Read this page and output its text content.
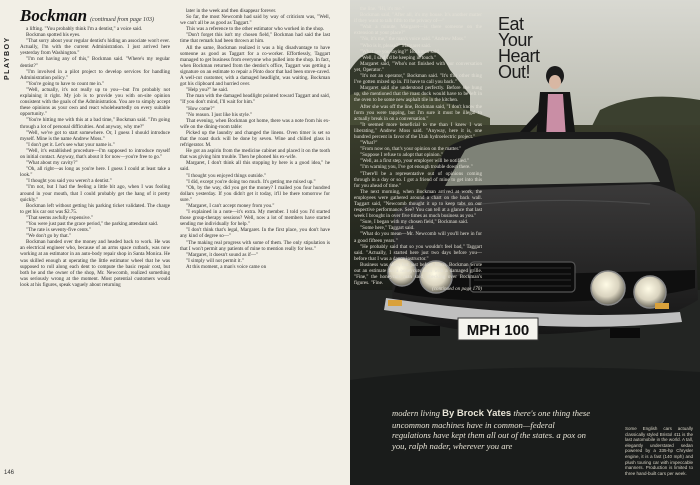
PLAYBOY
Bockman (continued from page 103)

a lifting. "You probably think I'm a dentist," a voice said.

Bockman spotted his eyes.

"That sorry about your regular dentist's hiding an associate won't ever. Actually, I'm with the current Administration. I just arrived here yesterday from Washington."

"I'm not having any of this," Bockman said. "Where's my regular dentist?"

"I'm involved in a pilot project to develop services for handling Administration policy."

"You're going to have to count me in."

"Well, actually, it's not really up to you—but I'm probably not explaining it right. My job is to provide you with on-site opinion consistent with the goals of the Administration. You are to simply accept these opinions as your own and react wholeheartedly on every suitable opportunity."

"You're hitting me with this at a bad time," Bockman said. "I'm going through a lot of personal difficulties. And anyway, why me?"

"Well, we've got to start somewhere. Or, I guess I should introduce myself. Mine is the name Andrew Moss."

"I don't get it. Let's see what your name is."

"Well, it's established procedure—I'm supposed to introduce myself on initial contact. Anyway, that's about it for now—you're free to go."

"What about my cavity?"

"Oh, all right—as long as you're here. I guess I could at least take a look."

"I thought you said you weren't a dentist."

"I'm not, but I had the feeling a little bit ago, when I was fooling around in your mouth, that I could probably get the hang of it pretty quickly."

Bockman left without getting his parking ticket validated. The charge to get his car out was $2.75.

"That seems awfully expensive."

"You were just past the grace period," the parking attendant said.

"The rate is seventy-five cents."

"We don't go by that."

Bockman handed over the money and headed back to work. He was an electrical engineer who, because of an arms space cutback, was now working at an estimator in an auto-body repair shop in Santa Monica. He was skilled enough at operating the little estimator wheel that he was supposed to roll along each dent to compute the basic repair cost, but both he and the owner of the shop, Mr. Newcomb, realized something was seriously wrong at the moment. Most potential customers would look at his figures, speak vaguely about returning

later in the week and then disappear forever.

So far, the most Newcomb had said by way of criticism was, "Well, we can't all be as good as Taggart."

This was a reference to the other estimator who worked in the shop.

"Don't forget this isn't my chosen field," Bockman had said the last time that remark had been thrown at him.

All the same, Bockman realized it was a big disadvantage to have someone as good as Taggart for a co-worker. Effortlessly, Taggart managed to get business from everyone who pulled into the shop. In fact, when Bockman returned from the dentist's office, Taggart was getting a signature on an estimate to repair a Pinto door that had been stove-caved. A well-cut customer, with a damaged headlight, was waiting. Bockman got his clipboard and hurried over.

"Help you?" he said.

The man with the damaged headlight pointed toward Taggart and said, "If you don't mind, I'll wait for him."

"How come?"

"No reason. I just like his style."

That evening, when Bockman got home, there was a note from his ex-wife on the dining-room table:

Picked up the laundry and changed the linens. Oven timer is set so that the roast duck will be done by seven. Wine and chilled glass in refrigerator. M.

He got an aspirin from the medicine cabinet and placed it on the tooth that was giving him trouble. Then he phoned his ex-wife.

Margaret, I don't think all this stopping by here is a good idea," he said.

"I thought you enjoyed things outside."

"I did, except you're doing too much. It's getting me mixed up."

"Oh, by the way, did you get the money? I mailed you four hundred dollars yesterday. If you didn't get it today, it'll be there tomorrow for sure."

"Margaret, I can't accept money from you."

"I explained in a note—it's extra. My member. I told you I'd started those group-therapy sessions? Well, now a lot of members have started sending me individually for help."

"I don't think that's legal, Margaret. In the first place, you don't have any kind of degree so—"

"The making real progress with some of them. The only stipulation is that I won't permit any patients of mine to mention really for less."

"Margaret, it doesn't sound as if—"

"I simply will not permit it."

At this moment, a man's voice came on

146
MPH 100

the line. "Hi, it's me."

Bockman said, "After all, it's my house. It's another matter if they want to talk fifth to the privacy of—"

"Wait a minute, Margaret—is there someone on the extension at your place?"

"No, it's me," the man's voice said. "Andrew Moss."

"Who is it, please?" Margaret said.

"What are you saying?" Bockman said.

"Well, I said I'd be keeping in touch."

Margaret said, "Who's not finished with our conversation yet, Operator."

"It's not an operator," Bockman said. "It's this other thing I've gotten mixed up in. I'll have to call you back."

Margaret said she understood perfectly. Before she hung up, she mentioned that the roast duck would have to be left in the oven to be some new asphalt tile in the kitchen.

After she was off the line, Bockman said, "I don't know the form you were tapping, but I'm sure it must be illegal to actually break in on a conversation."

"It seemed more beneficial to me than I knew I was liberating," Andrew Moss said. "Anyway, here it is, one hundred percent in favor of the Utah hydroelectric project."

"What?"

"From now on, that's your opinion on the matter."

"Suppose I refuse to adopt that opinion."

"Well, as a first step, your employer will be notified."

"I'm warning you, I've got enough trouble down there."

"There'll be a representative out of opinions coming through in a day or so. I got a friend of mine to get into this for you ahead of time."

The next morning, when Bockman arrived at work, the employees were gathered around a chart on the back wall. Taggart said, "Newcomb thought it up to keep tabs on our respective performance. See? You can tell at a glance that last week I brought in over five times as much business as you."

"Sure, I began with my chosen field," Bockman said.

"Some here," Taggart said.

"What do you mean—Mr. Newcomb will you'll here in for a good fifteen years."

"He probably said that so you wouldn't feel bad," Taggart said. "Actually, I started here just two days before you—before that I was a dance instructor."

Business was slow, but just before lunch, Bockman wrote out an estimate for a honeycuts door with a damaged grille. "Fine," the honeycuts man said, checking over Bockman's figures. "Fine.

(continued on page 170)

Eat
Your
Heart
Out!
modern living By Brock Yates there's one thing these uncommon machines have in common—federal regulations have kept them all out of the states. a pox on you, ralph nader, wherever you are
Some English cars actually classically styled Bristol 411 is the last automobile in the world. A tall, elegantly understated sedan powered by a 335-hp Chrysler engine, it is a fast (140 mph) and plush touring car with impeccable manners. Production is limited to three hand-built cars per week.
